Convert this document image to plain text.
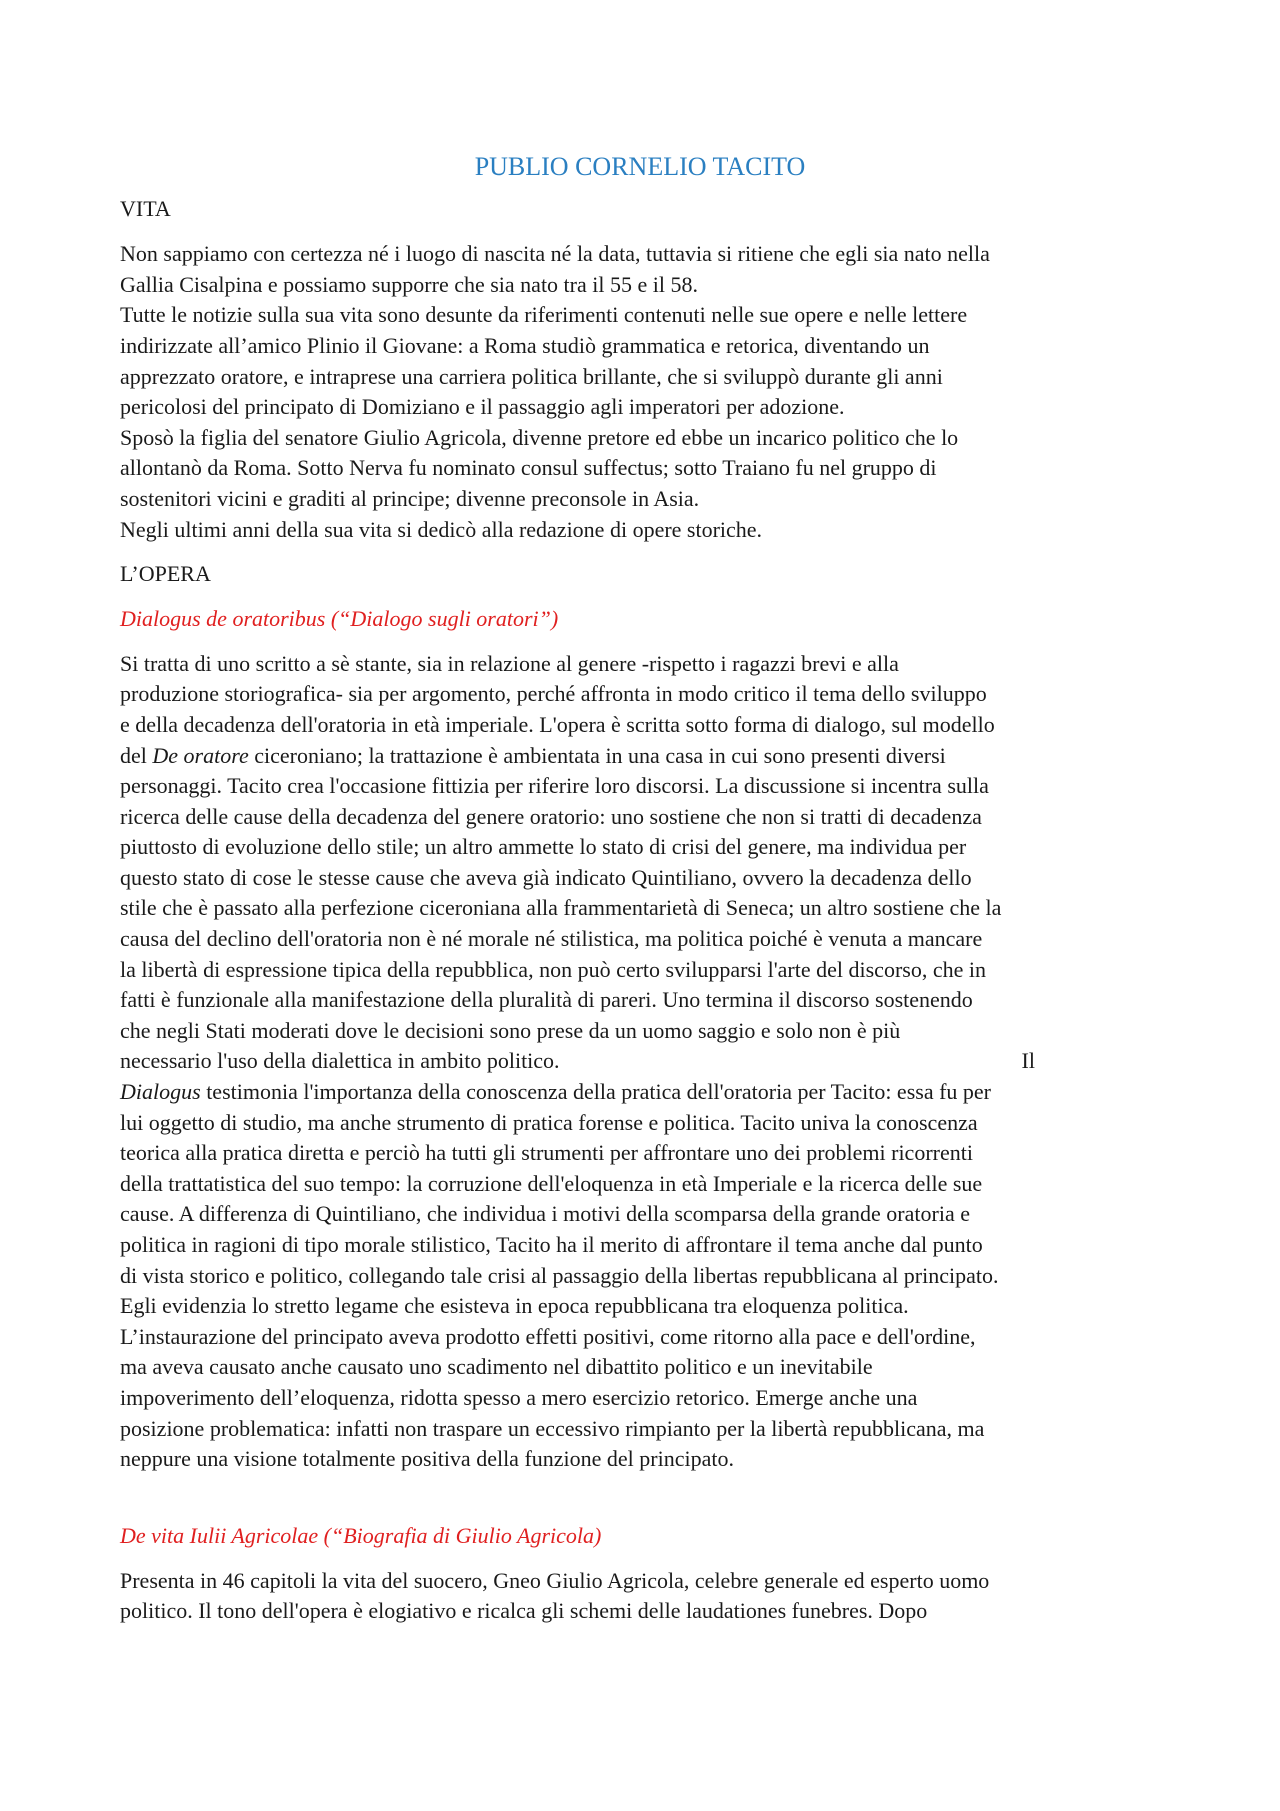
PUBLIO CORNELIO TACITO
VITA
Non sappiamo con certezza né i luogo di nascita né la data, tuttavia si ritiene che egli sia nato nella
Gallia Cisalpina e possiamo supporre che sia nato tra il 55 e il 58.
Tutte le notizie sulla sua vita sono desunte da riferimenti contenuti nelle sue opere e nelle lettere
indirizzate all’amico Plinio il Giovane: a Roma studiò grammatica e retorica, diventando un
apprezzato oratore, e intraprese una carriera politica brillante, che si sviluppò durante gli anni
pericolosi del principato di Domiziano e il passaggio agli imperatori per adozione.
Sposò la figlia del senatore Giulio Agricola, divenne pretore ed ebbe un incarico politico che lo
allontanò da Roma. Sotto Nerva fu nominato consul suffectus; sotto Traiano fu nel gruppo di
sostenitori vicini e graditi al principe; divenne preconsole in Asia.
Negli ultimi anni della sua vita si dedicò alla redazione di opere storiche.
L’OPERA
Dialogus de oratoribus (“Dialogo sugli oratori”)
Si tratta di uno scritto a sè stante, sia in relazione al genere -rispetto i ragazzi brevi e alla
produzione storiografica- sia per argomento, perché affronta in modo critico il tema dello sviluppo
e della decadenza dell'oratoria in età imperiale. L'opera è scritta sotto forma di dialogo, sul modello
del De oratore ciceroniano; la trattazione è ambientata in una casa in cui sono presenti diversi
personaggi. Tacito crea l'occasione fittizia per riferire loro discorsi. La discussione si incentra sulla
ricerca delle cause della decadenza del genere oratorio: uno sostiene che non si tratti di decadenza
piuttosto di evoluzione dello stile; un altro ammette lo stato di crisi del genere, ma individua per
questo stato di cose le stesse cause che aveva già indicato Quintiliano, ovvero la decadenza dello
stile che è passato alla perfezione ciceroniana alla frammentarietà di Seneca; un altro sostiene che la
causa del declino dell'oratoria non è né morale né stilistica, ma politica poiché è venuta a mancare
la libertà di espressione tipica della repubblica, non può certo svilupparsi l'arte del discorso, che in
fatti è funzionale alla manifestazione della pluralità di pareri. Uno termina il discorso sostenendo
che negli Stati moderati dove le decisioni sono prese da un uomo saggio e solo non è più
necessario l'uso della dialettica in ambito politico.	Il
Dialogus testimonia l'importanza della conoscenza della pratica dell'oratoria per Tacito: essa fu per
lui oggetto di studio, ma anche strumento di pratica forense e politica. Tacito univa la conoscenza
teorica alla pratica diretta e perciò ha tutti gli strumenti per affrontare uno dei problemi ricorrenti
della trattatistica del suo tempo: la corruzione dell'eloquenza in età Imperiale e la ricerca delle sue
cause. A differenza di Quintiliano, che individua i motivi della scomparsa della grande oratoria e
politica in ragioni di tipo morale stilistico, Tacito ha il merito di affrontare il tema anche dal punto
di vista storico e politico, collegando tale crisi al passaggio della libertas repubblicana al principato.
Egli evidenzia lo stretto legame che esisteva in epoca repubblicana tra eloquenza politica.
L’instaurazione del principato aveva prodotto effetti positivi, come ritorno alla pace e dell'ordine,
ma aveva causato anche causato uno scadimento nel dibattito politico e un inevitabile
impoverimento dell’eloquenza, ridotta spesso a mero esercizio retorico. Emerge anche una
posizione problematica: infatti non traspare un eccessivo rimpianto per la libertà repubblicana, ma
neppure una visione totalmente positiva della funzione del principato.
De vita Iulii Agricolae (“Biografia di Giulio Agricola)
Presenta in 46 capitoli la vita del suocero, Gneo Giulio Agricola, celebre generale ed esperto uomo
politico. Il tono dell'opera è elogiativo e ricalca gli schemi delle laudationes funebres. Dopo
